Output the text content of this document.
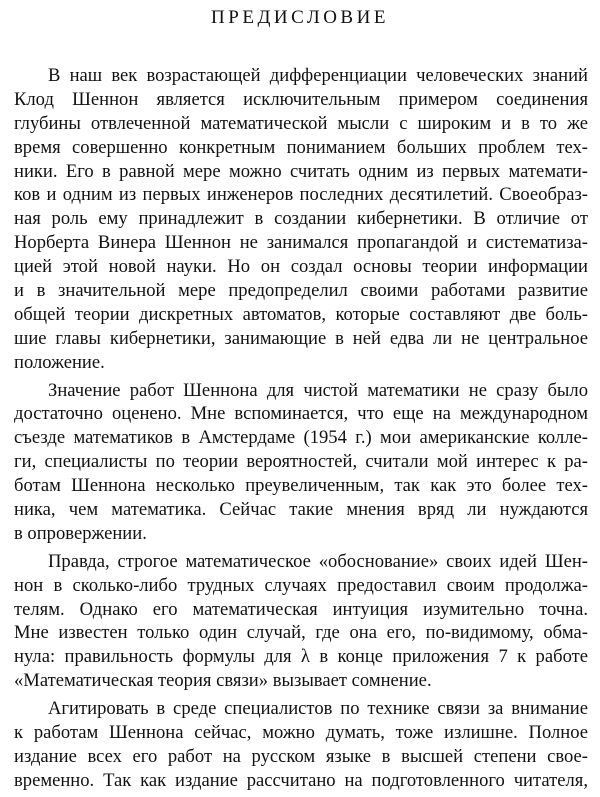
ПРЕДИСЛОВИЕ
В наш век возрастающей дифференциации человеческих знаний
Клод Шеннон является исключительным примером соединения
глубины отвлеченной математической мысли с широким и в то же
время совершенно конкретным пониманием больших проблем тех-
ники. Его в равной мере можно считать одним из первых математи-
ков и одним из первых инженеров последних десятилетий. Своеобраз-
ная роль ему принадлежит в создании кибернетики. В отличие от
Норберта Винера Шеннон не занимался пропагандой и систематиза-
цией этой новой науки. Но он создал основы теории информации
и в значительной мере предопределил своими работами развитие
общей теории дискретных автоматов, которые составляют две боль-
шие главы кибернетики, занимающие в ней едва ли не центральное
положение.
Значение работ Шеннона для чистой математики не сразу было
достаточно оценено. Мне вспоминается, что еще на международном
съезде математиков в Амстердаме (1954 г.) мои американские колле-
ги, специалисты по теории вероятностей, считали мой интерес к ра-
ботам Шеннона несколько преувеличенным, так как это более тех-
ника, чем математика. Сейчас такие мнения вряд ли нуждаются
в опровержении.
Правда, строгое математическое «обоснование» своих идей Шен-
нон в сколько-либо трудных случаях предоставил своим продолжа-
телям. Однако его математическая интуиция изумительно точна.
Мне известен только один случай, где она его, по-видимому, обма-
нула: правильность формулы для λ в конце приложения 7 к работе
«Математическая теория связи» вызывает сомнение.
Агитировать в среде специалистов по технике связи за внимание
к работам Шеннона сейчас, можно думать, тоже излишне. Полное
издание всех его работ на русском языке в высшей степени свое-
временно. Так как издание рассчитано на подготовленного читателя,
